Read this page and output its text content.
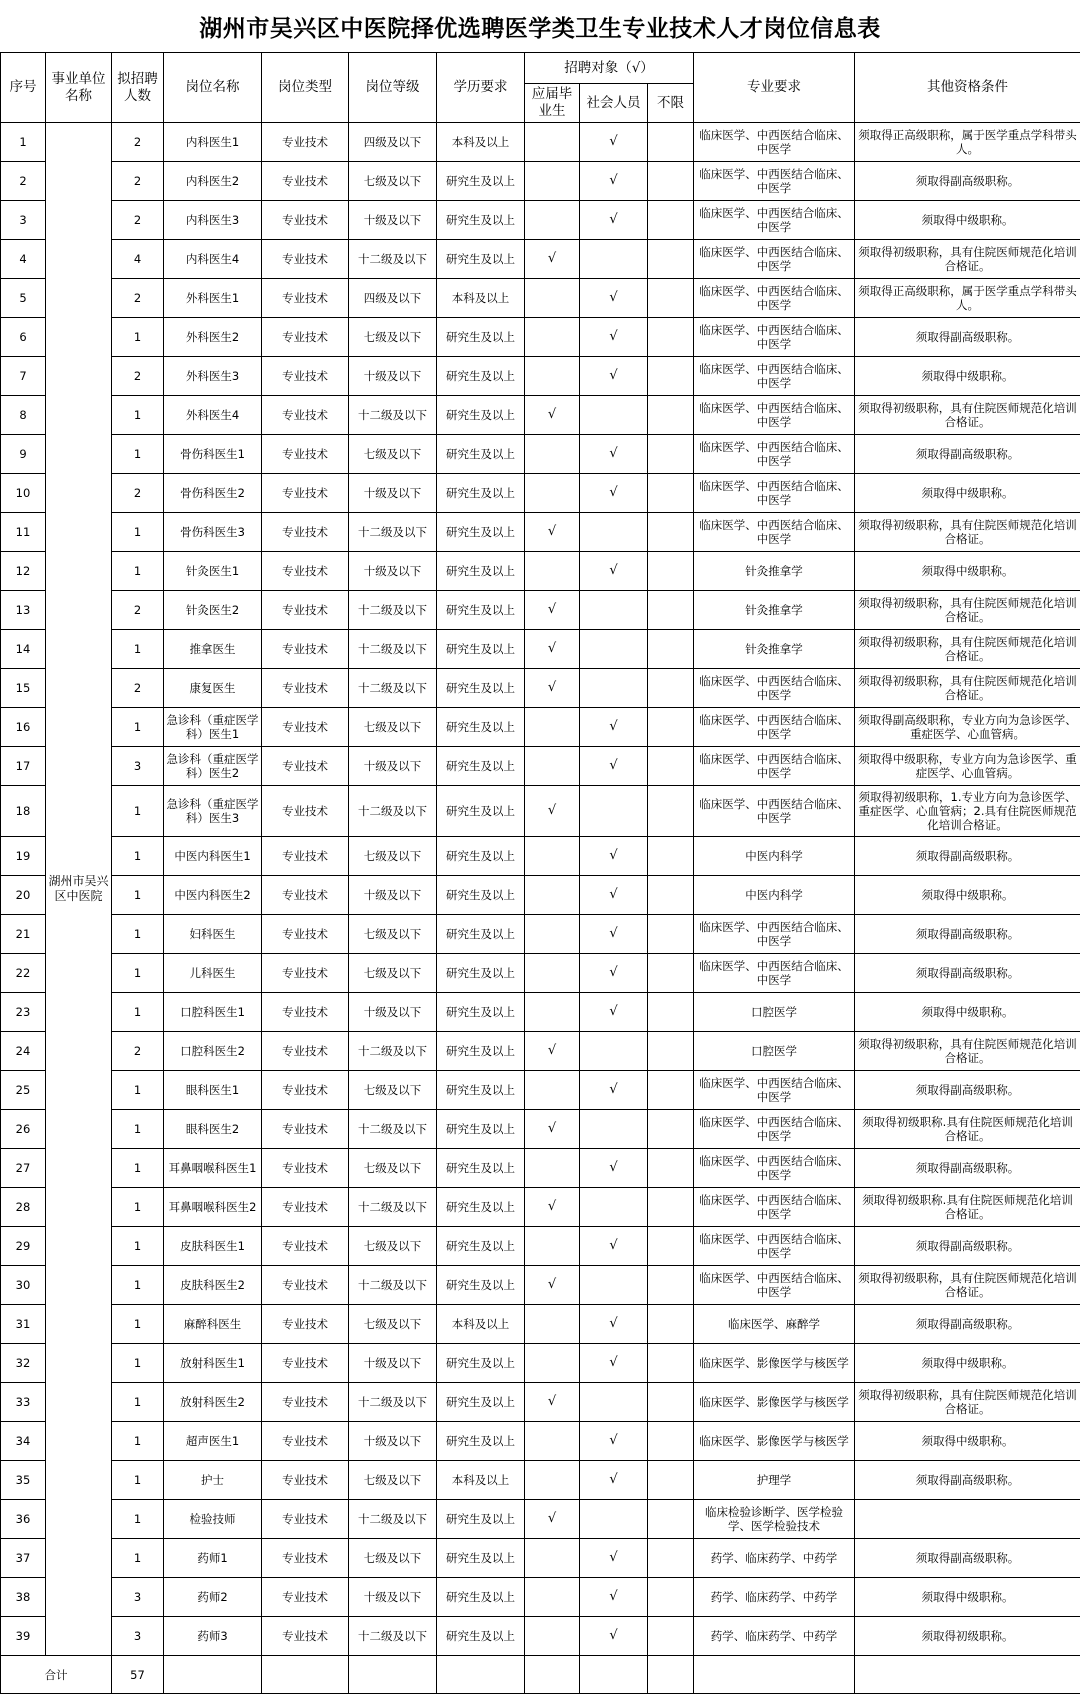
湖州市吴兴区中医院择优选聘医学类卫生专业技术人才岗位信息表
序号	事业单位名称	拟招聘人数	岗位名称	岗位类型	岗位等级	学历要求	招聘对象（√）			专业要求	其他资格条件
							应届毕业生	社会人员	不限		
1	湖州市吴兴区中医院	2	内科医生1	专业技术	四级及以下	本科及以上		√		临床医学、中西医结合临床、中医学	须取得正高级职称，属于医学重点学科带头人。
2		2	内科医生2	专业技术	七级及以下	研究生及以上		√		临床医学、中西医结合临床、中医学	须取得副高级职称。
3		2	内科医生3	专业技术	十级及以下	研究生及以上		√		临床医学、中西医结合临床、中医学	须取得中级职称。
4		4	内科医生4	专业技术	十二级及以下	研究生及以上	√			临床医学、中西医结合临床、中医学	须取得初级职称，具有住院医师规范化培训合格证。
5		2	外科医生1	专业技术	四级及以下	本科及以上		√		临床医学、中西医结合临床、中医学	须取得正高级职称，属于医学重点学科带头人。
6		1	外科医生2	专业技术	七级及以下	研究生及以上		√		临床医学、中西医结合临床、中医学	须取得副高级职称。
7		2	外科医生3	专业技术	十级及以下	研究生及以上		√		临床医学、中西医结合临床、中医学	须取得中级职称。
8		1	外科医生4	专业技术	十二级及以下	研究生及以上	√			临床医学、中西医结合临床、中医学	须取得初级职称，具有住院医师规范化培训合格证。
9		1	骨伤科医生1	专业技术	七级及以下	研究生及以上		√		临床医学、中西医结合临床、中医学	须取得副高级职称。
10		2	骨伤科医生2	专业技术	十级及以下	研究生及以上		√		临床医学、中西医结合临床、中医学	须取得中级职称。
11		1	骨伤科医生3	专业技术	十二级及以下	研究生及以上	√			临床医学、中西医结合临床、中医学	须取得初级职称，具有住院医师规范化培训合格证。
12		1	针灸医生1	专业技术	十级及以下	研究生及以上		√		针灸推拿学	须取得中级职称。
13		2	针灸医生2	专业技术	十二级及以下	研究生及以上	√			针灸推拿学	须取得初级职称，具有住院医师规范化培训合格证。
14		1	推拿医生	专业技术	十二级及以下	研究生及以上	√			针灸推拿学	须取得初级职称，具有住院医师规范化培训合格证。
15		2	康复医生	专业技术	十二级及以下	研究生及以上	√			临床医学、中西医结合临床、中医学	须取得初级职称，具有住院医师规范化培训合格证。
16		1	急诊科（重症医学科）医生1	专业技术	七级及以下	研究生及以上		√		临床医学、中西医结合临床、中医学	须取得副高级职称，专业方向为急诊医学、重症医学、心血管病。
17		3	急诊科（重症医学科）医生2	专业技术	十级及以下	研究生及以上		√		临床医学、中西医结合临床、中医学	须取得中级职称，专业方向为急诊医学、重症医学、心血管病。
18		1	急诊科（重症医学科）医生3	专业技术	十二级及以下	研究生及以上	√			临床医学、中西医结合临床、中医学	须取得初级职称，1.专业方向为急诊医学、重症医学、心血管病；2.具有住院医师规范化培训合格证。
19		1	中医内科医生1	专业技术	七级及以下	研究生及以上		√		中医内科学	须取得副高级职称。
20		1	中医内科医生2	专业技术	十级及以下	研究生及以上		√		中医内科学	须取得中级职称。
21		1	妇科医生	专业技术	七级及以下	研究生及以上		√		临床医学、中西医结合临床、中医学	须取得副高级职称。
22		1	儿科医生	专业技术	七级及以下	研究生及以上		√		临床医学、中西医结合临床、中医学	须取得副高级职称。
23		1	口腔科医生1	专业技术	十级及以下	研究生及以上		√		口腔医学	须取得中级职称。
24		2	口腔科医生2	专业技术	十二级及以下	研究生及以上	√			口腔医学	须取得初级职称，具有住院医师规范化培训合格证。
25		1	眼科医生1	专业技术	七级及以下	研究生及以上		√		临床医学、中西医结合临床、中医学	须取得副高级职称。
26		1	眼科医生2	专业技术	十二级及以下	研究生及以上	√			临床医学、中西医结合临床、中医学	须取得初级职称.具有住院医师规范化培训合格证。
27		1	耳鼻咽喉科医生1	专业技术	七级及以下	研究生及以上		√		临床医学、中西医结合临床、中医学	须取得副高级职称。
28		1	耳鼻咽喉科医生2	专业技术	十二级及以下	研究生及以上	√			临床医学、中西医结合临床、中医学	须取得初级职称.具有住院医师规范化培训合格证。
29		1	皮肤科医生1	专业技术	七级及以下	研究生及以上		√		临床医学、中西医结合临床、中医学	须取得副高级职称。
30		1	皮肤科医生2	专业技术	十二级及以下	研究生及以上	√			临床医学、中西医结合临床、中医学	须取得初级职称，具有住院医师规范化培训合格证。
31		1	麻醉科医生	专业技术	七级及以下	本科及以上		√		临床医学、麻醉学	须取得副高级职称。
32		1	放射科医生1	专业技术	十级及以下	研究生及以上		√		临床医学、影像医学与核医学	须取得中级职称。
33		1	放射科医生2	专业技术	十二级及以下	研究生及以上	√			临床医学、影像医学与核医学	须取得初级职称，具有住院医师规范化培训合格证。
34		1	超声医生1	专业技术	十级及以下	研究生及以上		√		临床医学、影像医学与核医学	须取得中级职称。
35		1	护士	专业技术	七级及以下	本科及以上		√		护理学	须取得副高级职称。
36		1	检验技师	专业技术	十二级及以下	研究生及以上	√			临床检验诊断学、医学检验学、医学检验技术	
37		1	药师1	专业技术	七级及以下	研究生及以上		√		药学、临床药学、中药学	须取得副高级职称。
38		3	药师2	专业技术	十级及以下	研究生及以上		√		药学、临床药学、中药学	须取得中级职称。
39		3	药师3	专业技术	十二级及以下	研究生及以上		√		药学、临床药学、中药学	须取得初级职称。
合计		57									
